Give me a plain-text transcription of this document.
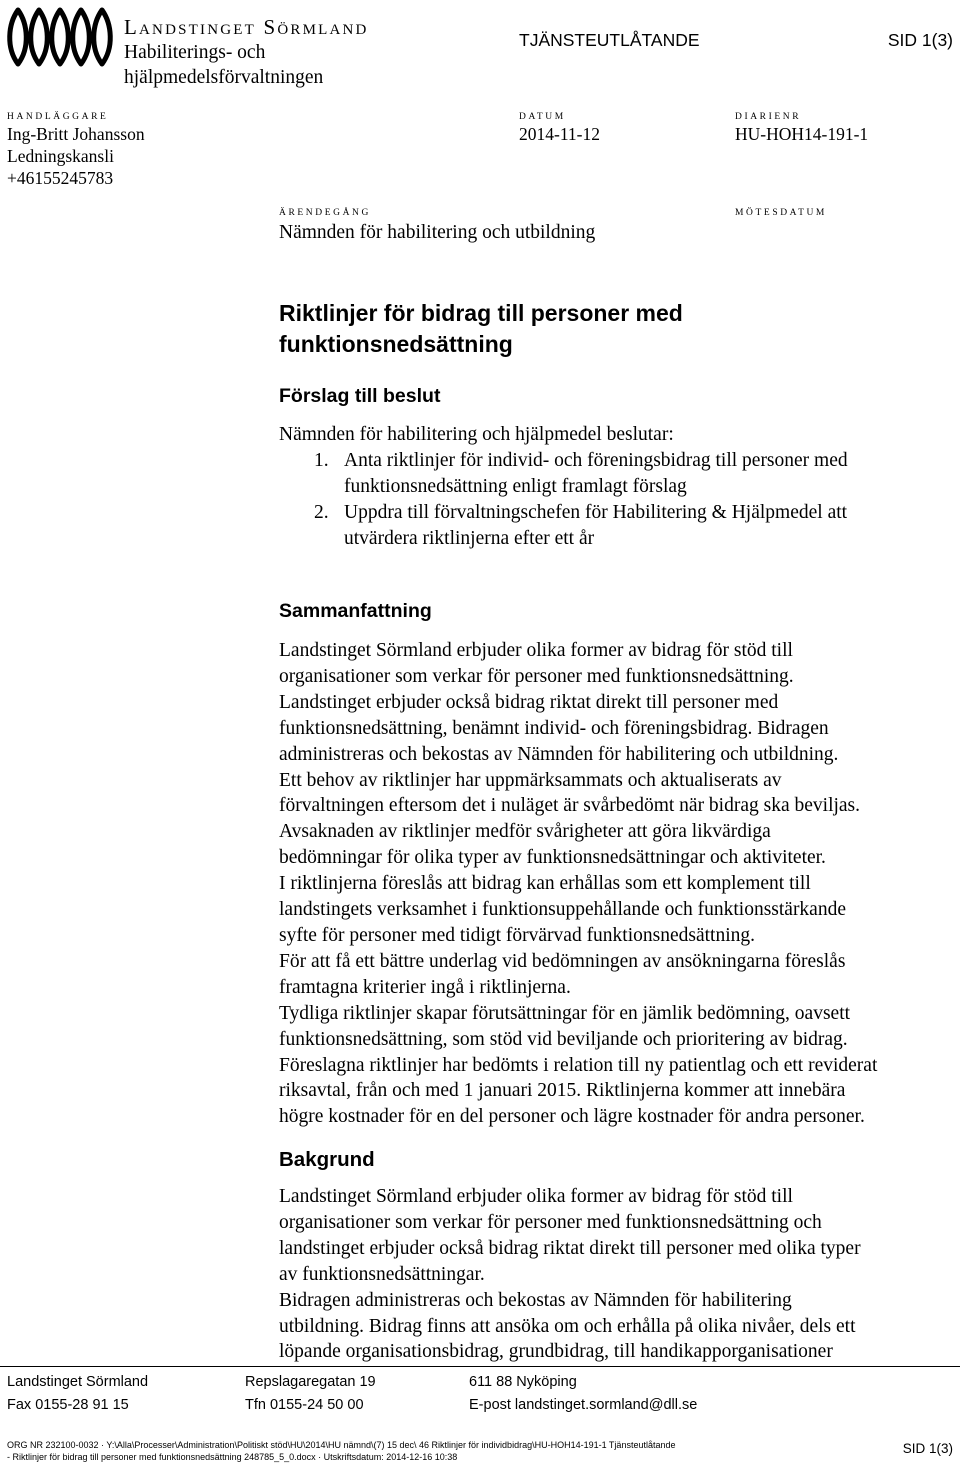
Landstinget Sörmland
Habiliterings- och
hjälpmedelsförvaltningen
TJÄNSTEUTLÅTANDE	SID 1(3)
HANDLÄGGARE
Ing-Britt Johansson
Ledningskansli
+46155245783
DATUM
2014-11-12
DIARIENR
HU-HOH14-191-1
ÄRENDEGÅNG
Nämnden för habilitering och utbildning
MÖTESDATUM
Riktlinjer för bidrag till personer med
funktionsnedsättning
Förslag till beslut
Nämnden för habilitering och hjälpmedel beslutar:
1. Anta riktlinjer för individ- och föreningsbidrag till personer med
funktionsnedsättning enligt framlagt förslag
2. Uppdra till förvaltningschefen för Habilitering & Hjälpmedel att
utvärdera riktlinjerna efter ett år
Sammanfattning

Landstinget Sörmland erbjuder olika former av bidrag för stöd till

organisationer som verkar för personer med funktionsnedsättning.

Landstinget erbjuder också bidrag riktat direkt till personer med

funktionsnedsättning, benämnt individ- och föreningsbidrag. Bidragen

administreras och bekostas av Nämnden för habilitering och utbildning.

Ett behov av riktlinjer har uppmärksammats och aktualiserats av

förvaltningen eftersom det i nuläget är svårbedömt när bidrag ska beviljas.

Avsaknaden av riktlinjer medför svårigheter att göra likvärdiga

bedömningar för olika typer av funktionsnedsättningar och aktiviteter.

I riktlinjerna föreslås att bidrag kan erhållas som ett komplement till

landstingets verksamhet i funktionsuppehållande och funktionsstärkande

syfte för personer med tidigt förvärvad funktionsnedsättning.

För att få ett bättre underlag vid bedömningen av ansökningarna föreslås

framtagna kriterier ingå i riktlinjerna.

Tydliga riktlinjer skapar förutsättningar för en jämlik bedömning, oavsett

funktionsnedsättning, som stöd vid beviljande och prioritering av bidrag.

Föreslagna riktlinjer har bedömts i relation till ny patientlag och ett reviderat

riksavtal, från och med 1 januari 2015. Riktlinjerna kommer att innebära

högre kostnader för en del personer och lägre kostnader för andra personer.

Bakgrund

Landstinget Sörmland erbjuder olika former av bidrag för stöd till

organisationer som verkar för personer med funktionsnedsättning och

landstinget erbjuder också bidrag riktat direkt till personer med olika typer

av funktionsnedsättningar.

Bidragen administreras och bekostas av Nämnden för habilitering

utbildning. Bidrag finns att ansöka om och erhålla på olika nivåer, dels ett

löpande organisationsbidrag, grundbidrag, till handikapporganisationer

Landstinget Sörmland	Repslagaregatan 19	611 88 Nyköping
Fax 0155-28 91 15	Tfn 0155-24 50 00	E-post landstinget.sormland@dll.se
ORG NR 232100-0032 · Y:\Alla\Processer\Administration\Politiskt stöd\HU\2014\HU nämnd\(7) 15 dec\ 46 Riktlinjer för individbidrag\HU-HOH14-191-1 Tjänsteutlåtande
- Riktlinjer för bidrag till personer med funktionsnedsättning 248785_5_0.docx · Utskriftsdatum: 2014-12-16 10:38
SID 1(3)
